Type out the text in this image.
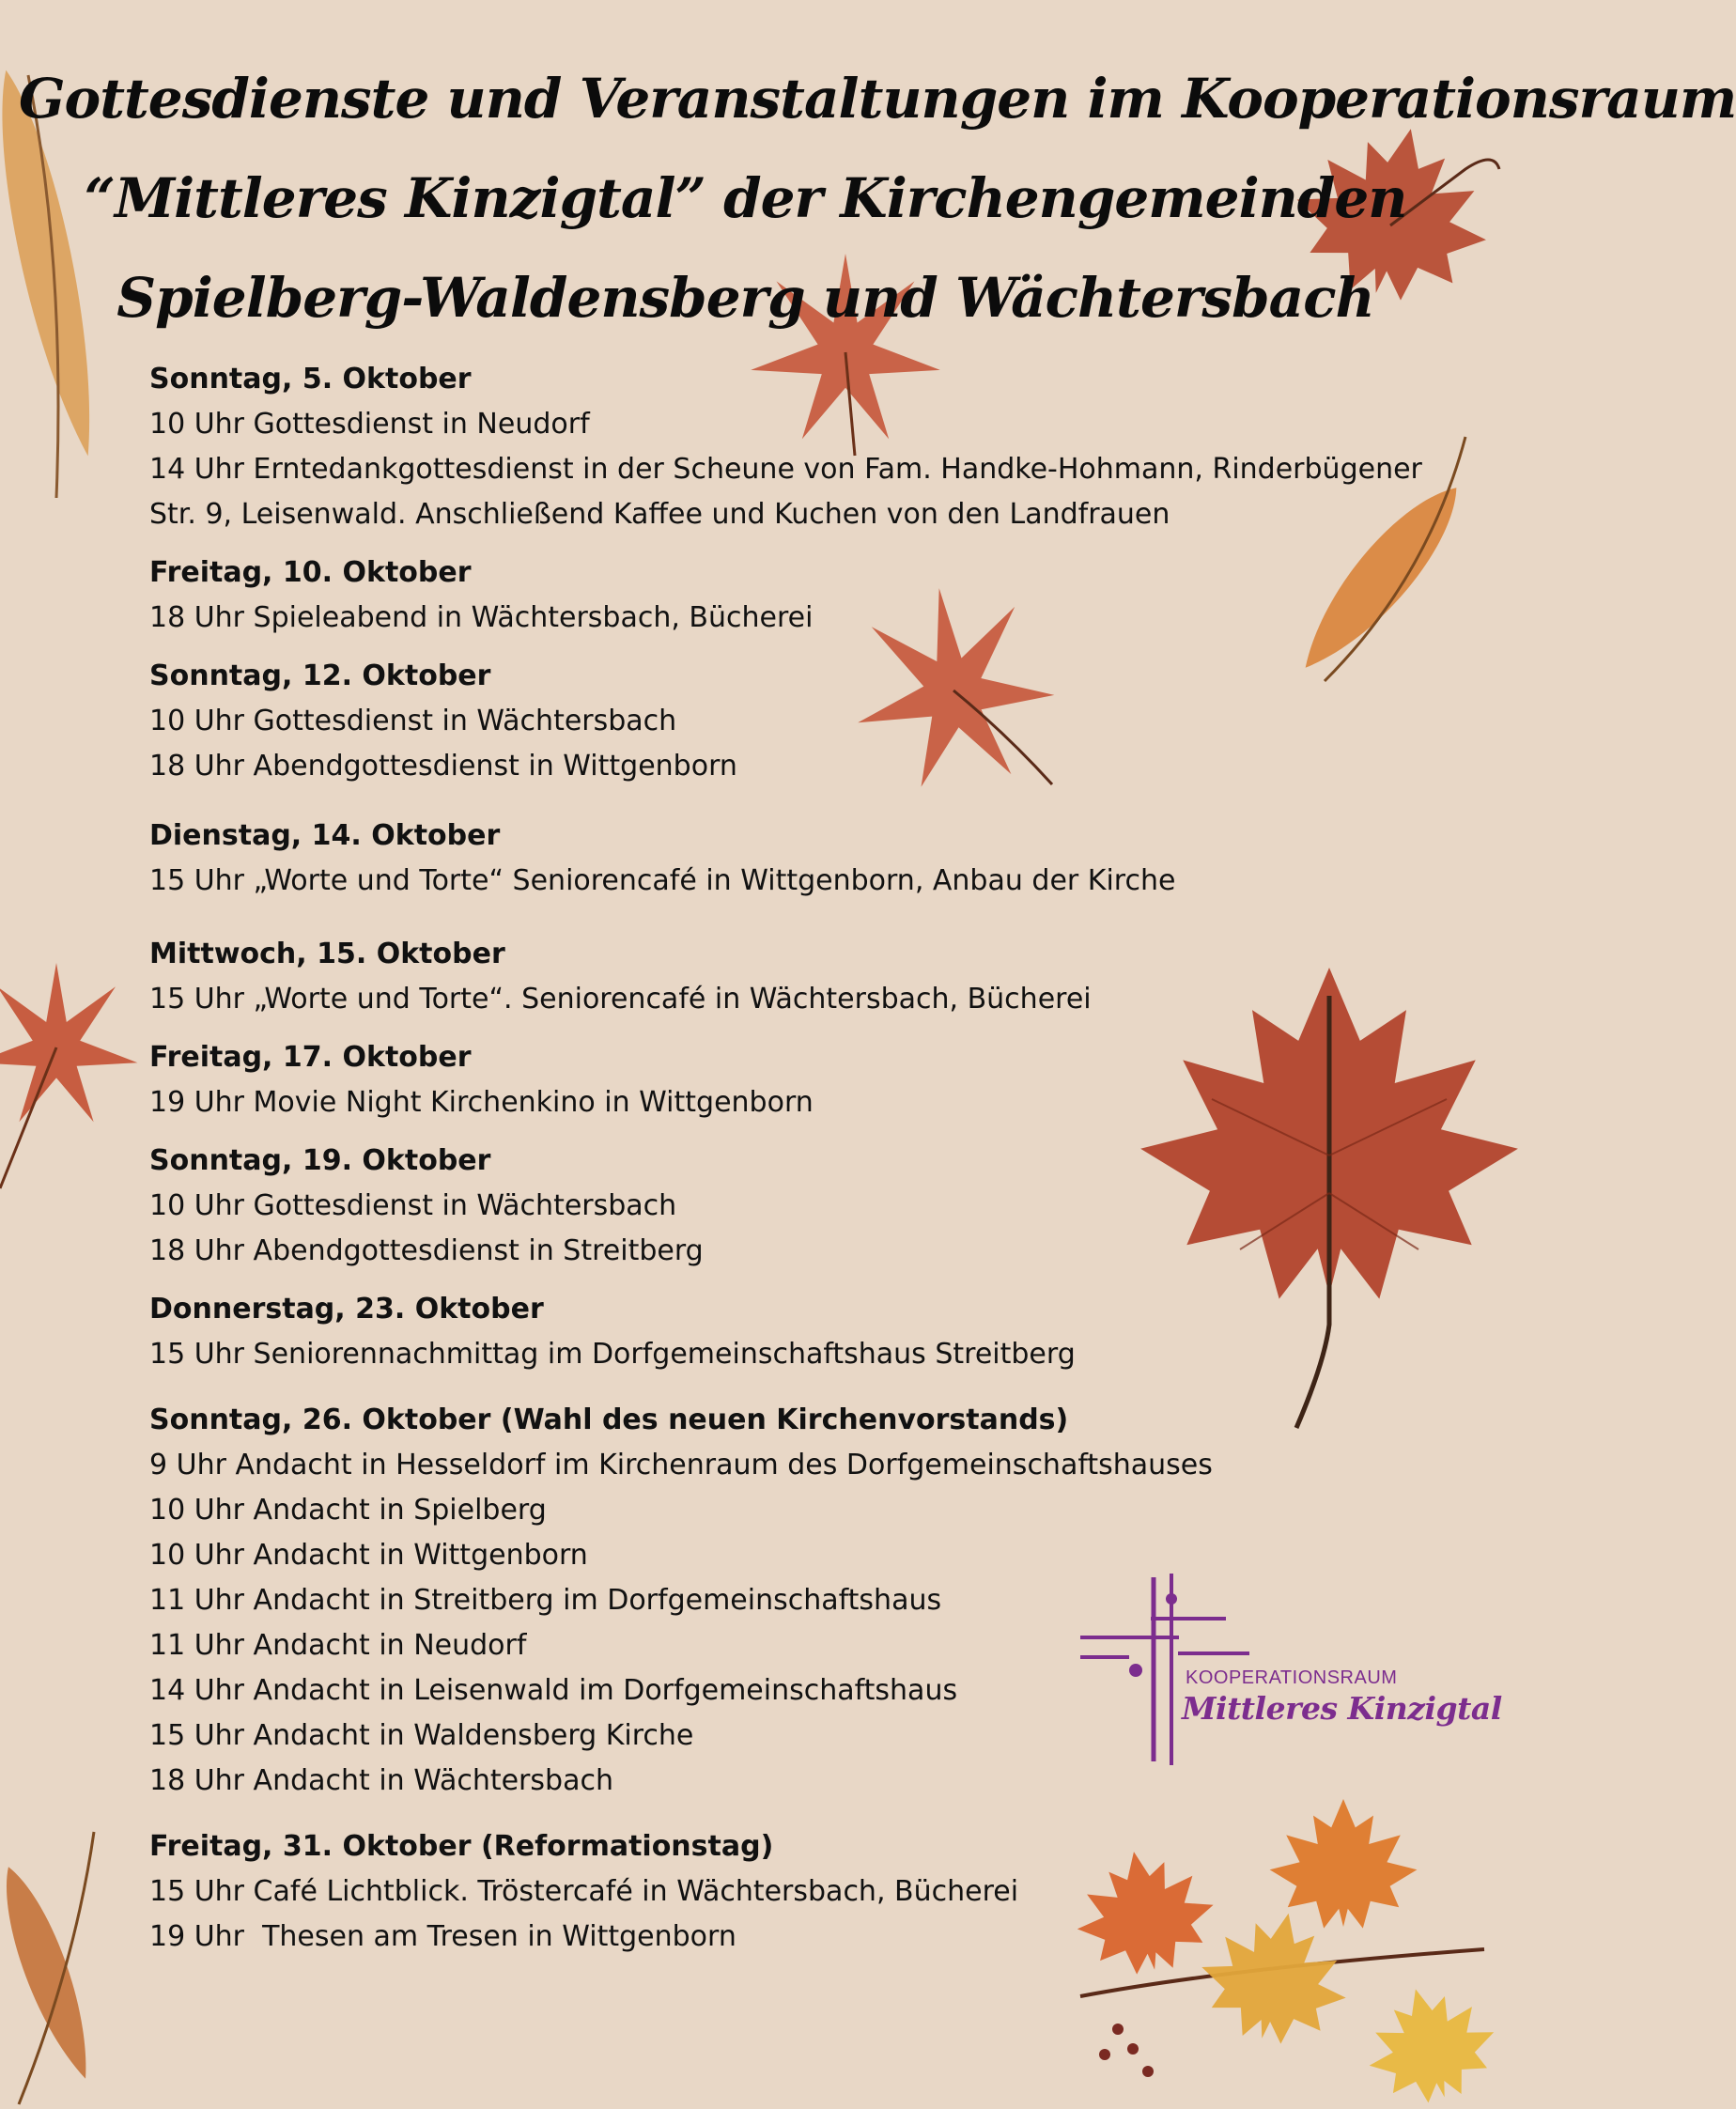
Gottesdienste und Veranstaltungen im Kooperationsraum
“Mittleres Kinzigtal” der Kirchengemeinden
Spielberg-Waldensberg und Wächtersbach
Sonntag, 5. Oktober
10 Uhr Gottesdienst in Neudorf
14 Uhr Erntedankgottesdienst in der Scheune von Fam. Handke-Hohmann, Rinderbügener Str. 9, Leisenwald. Anschließend Kaffee und Kuchen von den Landfrauen
Freitag, 10. Oktober
18 Uhr Spieleabend in Wächtersbach, Bücherei
Sonntag, 12. Oktober
10 Uhr Gottesdienst in Wächtersbach
18 Uhr Abendgottesdienst in Wittgenborn
Dienstag, 14. Oktober
15 Uhr „Worte und Torte“ Seniorencafé in Wittgenborn, Anbau der Kirche
Mittwoch, 15. Oktober
15 Uhr „Worte und Torte“. Seniorencafé in Wächtersbach, Bücherei
Freitag, 17. Oktober
19 Uhr Movie Night Kirchenkino in Wittgenborn
Sonntag, 19. Oktober
10 Uhr Gottesdienst in Wächtersbach
18 Uhr Abendgottesdienst in Streitberg
Donnerstag, 23. Oktober
15 Uhr Seniorennachmittag im Dorfgemeinschaftshaus Streitberg
Sonntag, 26. Oktober (Wahl des neuen Kirchenvorstands)
9 Uhr Andacht in Hesseldorf im Kirchenraum des Dorfgemeinschaftshauses
10 Uhr Andacht in Spielberg
10 Uhr Andacht in Wittgenborn
11 Uhr Andacht in Streitberg im Dorfgemeinschaftshaus
11 Uhr Andacht in Neudorf
14 Uhr Andacht in Leisenwald im Dorfgemeinschaftshaus
15 Uhr Andacht in Waldensberg Kirche
18 Uhr Andacht in Wächtersbach
Freitag, 31. Oktober (Reformationstag)
15 Uhr Café Lichtblick. Tröstercafé in Wächtersbach, Bücherei
19 Uhr  Thesen am Tresen in Wittgenborn
KOOPERATIONSRAUM
Mittleres Kinzigtal
